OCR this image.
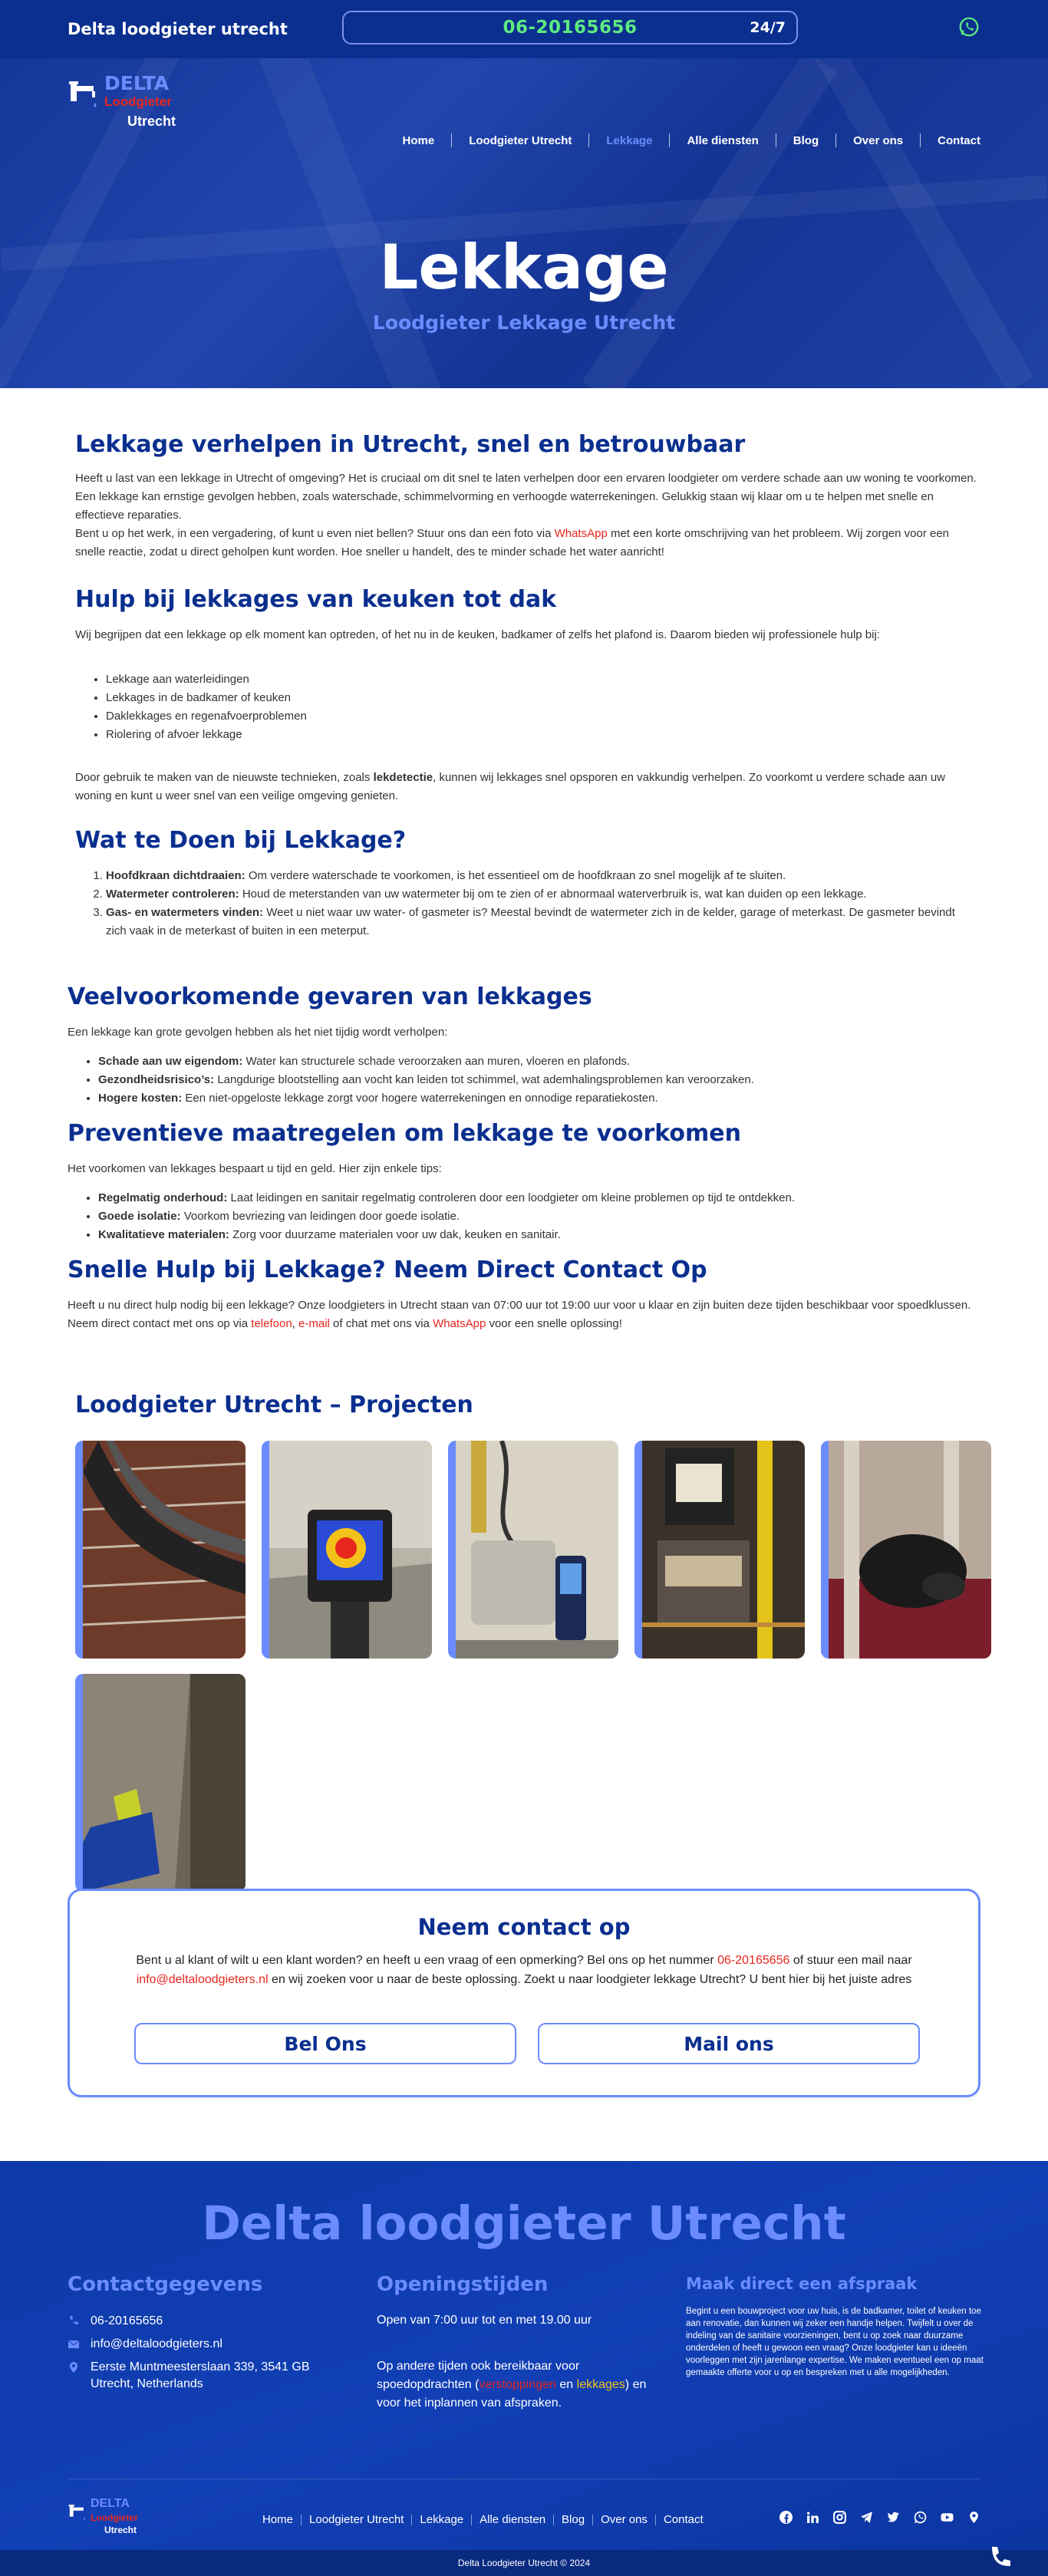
Delta loodgieter utrecht	06-20165656	24/7
DELTA
Loodgieter
Utrecht
Home	Loodgieter Utrecht	Lekkage	Alle diensten	Blog	Over ons	Contact
Lekkage
Loodgieter Lekkage Utrecht
Lekkage verhelpen in Utrecht, snel en betrouwbaar

Heeft u last van een lekkage in Utrecht of omgeving? Het is cruciaal om dit snel te laten verhelpen door een ervaren loodgieter om verdere schade aan uw woning te voorkomen. Een lekkage kan ernstige gevolgen hebben, zoals waterschade, schimmelvorming en verhoogde waterrekeningen. Gelukkig staan wij klaar om u te helpen met snelle en effectieve reparaties.
Bent u op het werk, in een vergadering, of kunt u even niet bellen? Stuur ons dan een foto via WhatsApp met een korte omschrijving van het probleem. Wij zorgen voor een snelle reactie, zodat u direct geholpen kunt worden. Hoe sneller u handelt, des te minder schade het water aanricht!

Hulp bij lekkages van keuken tot dak

Wij begrijpen dat een lekkage op elk moment kan optreden, of het nu in de keuken, badkamer of zelfs het plafond is. Daarom bieden wij professionele hulp bij:

• Lekkage aan waterleidingen
• Lekkages in de badkamer of keuken
• Daklekkages en regenafvoerproblemen
• Riolering of afvoer lekkage

Door gebruik te maken van de nieuwste technieken, zoals lekdetectie, kunnen wij lekkages snel opsporen en vakkundig verhelpen. Zo voorkomt u verdere schade aan uw woning en kunt u weer snel van een veilige omgeving genieten.

Wat te Doen bij Lekkage?
1. Hoofdkraan dichtdraaien: Om verdere waterschade te voorkomen, is het essentieel om de hoofdkraan zo snel mogelijk af te sluiten.
2. Watermeter controleren: Houd de meterstanden van uw watermeter bij om te zien of er abnormaal waterverbruik is, wat kan duiden op een lekkage.
3. Gas- en watermeters vinden: Weet u niet waar uw water- of gasmeter is? Meestal bevindt de watermeter zich in de kelder, garage of meterkast. De gasmeter bevindt zich vaak in de meterkast of buiten in een meterput.
Veelvoorkomende gevaren van lekkages

Een lekkage kan grote gevolgen hebben als het niet tijdig wordt verholpen:

• Schade aan uw eigendom: Water kan structurele schade veroorzaken aan muren, vloeren en plafonds.
• Gezondheidsrisico’s: Langdurige blootstelling aan vocht kan leiden tot schimmel, wat ademhalingsproblemen kan veroorzaken.
• Hogere kosten: Een niet-opgeloste lekkage zorgt voor hogere waterrekeningen en onnodige reparatiekosten.
Preventieve maatregelen om lekkage te voorkomen

Het voorkomen van lekkages bespaart u tijd en geld. Hier zijn enkele tips:

• Regelmatig onderhoud: Laat leidingen en sanitair regelmatig controleren door een loodgieter om kleine problemen op tijd te ontdekken.
• Goede isolatie: Voorkom bevriezing van leidingen door goede isolatie.
• Kwalitatieve materialen: Zorg voor duurzame materialen voor uw dak, keuken en sanitair.
Snelle Hulp bij Lekkage? Neem Direct Contact Op

Heeft u nu direct hulp nodig bij een lekkage? Onze loodgieters in Utrecht staan van 07:00 uur tot 19:00 uur voor u klaar en zijn buiten deze tijden beschikbaar voor spoedklussen. Neem direct contact met ons op via telefoon, e-mail of chat met ons via WhatsApp voor een snelle oplossing!

Loodgieter Utrecht – Projecten
Neem contact op

Bent u al klant of wilt u een klant worden? en heeft u een vraag of een opmerking? Bel ons op het nummer 06-20165656 of stuur een mail naar info@deltaloodgieters.nl en wij zoeken voor u naar de beste oplossing. Zoekt u naar loodgieter lekkage Utrecht? U bent hier bij het juiste adres

Bel Ons	Mail ons
Delta loodgieter Utrecht
Contactgegevens
06-20165656
info@deltaloodgieters.nl
Eerste Muntmeesterslaan 339, 3541 GB Utrecht, Netherlands
Openingstijden
Open van 7:00 uur tot en met 19.00 uur
Op andere tijden ook bereikbaar voor spoedopdrachten (verstoppingen en lekkages) en voor het inplannen van afspraken.
Maak direct een afspraak
Begint u een bouwproject voor uw huis, is de badkamer, toilet of keuken toe aan renovatie, dan kunnen wij zeker een handje helpen. Twijfelt u over de indeling van de sanitaire voorzieningen, bent u op zoek naar duurzame onderdelen of heeft u gewoon een vraag? Onze loodgieter kan u ideeën voorleggen met zijn jarenlange expertise. We maken eventueel een op maat gemaakte offerte voor u op en bespreken met u alle mogelijkheden.
DELTA
Loodgieter
Utrecht
Home	Loodgieter Utrecht	Lekkage	Alle diensten	Blog	Over ons	Contact
Delta Loodgieter Utrecht © 2024
